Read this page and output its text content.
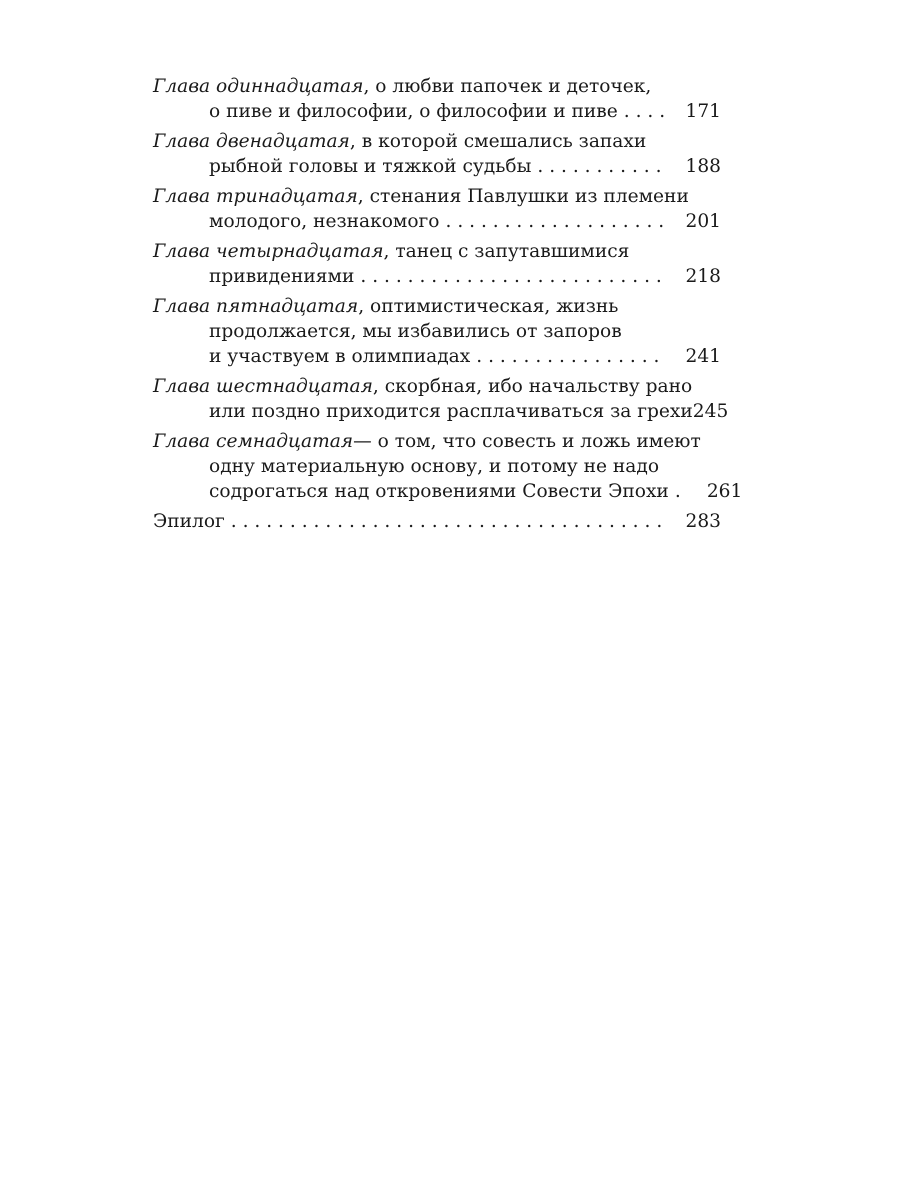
Глава одиннадцатая , о любви папочек и деточек,
о пиве и философии, о философии и пиве . . .	171
Глава двенадцатая , в которой смешались запахи
рыбной головы и тяжкой судьбы . . .	188
Глава тринадцатая , стенания Павлушки из племени
молодого, незнакомого . . .	201
Глава четырнадцатая , танец с запутавшимися
привидениями . . .	218
Глава пятнадцатая , оптимистическая, жизнь
продолжается, мы избавились от запоров
и участвуем в олимпиадах . . .	241
Глава шестнадцатая , скорбная, ибо начальству рано
или поздно приходится расплачиваться за грехи 245
Глава семнадцатая — о том, что совесть и ложь имеют
одну материальную основу, и потому не надо
содрогаться над откровениями Совести Эпохи . . . 261
Эпилог . . .	283
